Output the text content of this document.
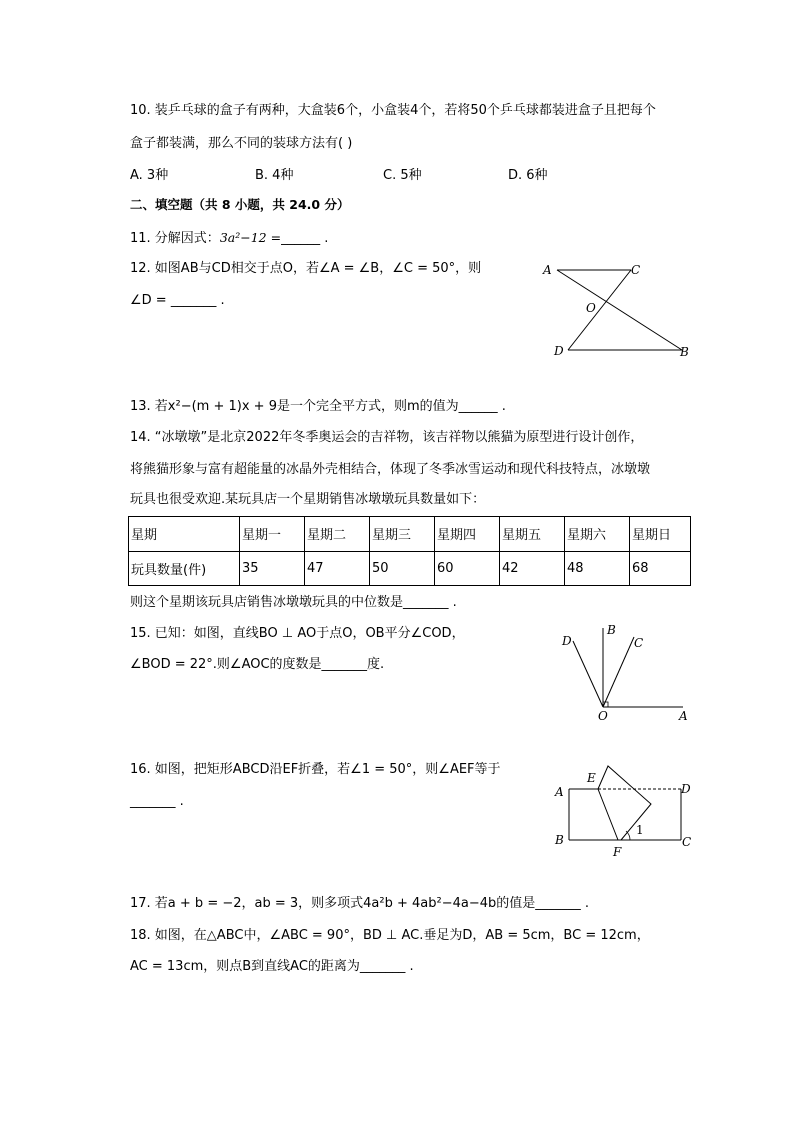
10. 装乒乓球的盒子有两种，大盒装6个，小盒装4个，若将50个乒乓球都装进盒子且把每个
盒子都装满，那么不同的装球方法有( )
A. 3种	B. 4种	C. 5种	D. 6种
二、填空题（共 8 小题，共 24.0 分）
11. 分解因式：3a²−12 =______ .
12. 如图AB与CD相交于点O，若∠A = ∠B，∠C = 50°，则
∠D = _______ .
A	C
O
D	B
13. 若x²−(m + 1)x + 9是一个完全平方式，则m的值为______ .
14. “冰墩墩”是北京2022年冬季奥运会的吉祥物，该吉祥物以熊猫为原型进行设计创作，
将熊猫形象与富有超能量的冰晶外壳相结合，体现了冬季冰雪运动和现代科技特点，冰墩墩
玩具也很受欢迎.某玩具店一个星期销售冰墩墩玩具数量如下：
星期	星期一	星期二	星期三	星期四	星期五	星期六	星期日
玩具数量(件)	35	47	50	60	42	48	68
则这个星期该玩具店销售冰墩墩玩具的中位数是_______ .
15. 已知：如图，直线BO ⊥ AO于点O，OB平分∠COD，
∠BOD = 22°.则∠AOC的度数是_______度.
D
B
C
O	A
16. 如图，把矩形ABCD沿EF折叠，若∠1 = 50°，则∠AEF等于
_______ .
E
A	D
B
F
C
1
17. 若a + b = −2，ab = 3，则多项式4a²b + 4ab²−4a−4b的值是_______ .
18. 如图，在△ABC中，∠ABC = 90°，BD ⊥ AC.垂足为D，AB = 5cm，BC = 12cm，
AC = 13cm，则点B到直线AC的距离为_______ .
